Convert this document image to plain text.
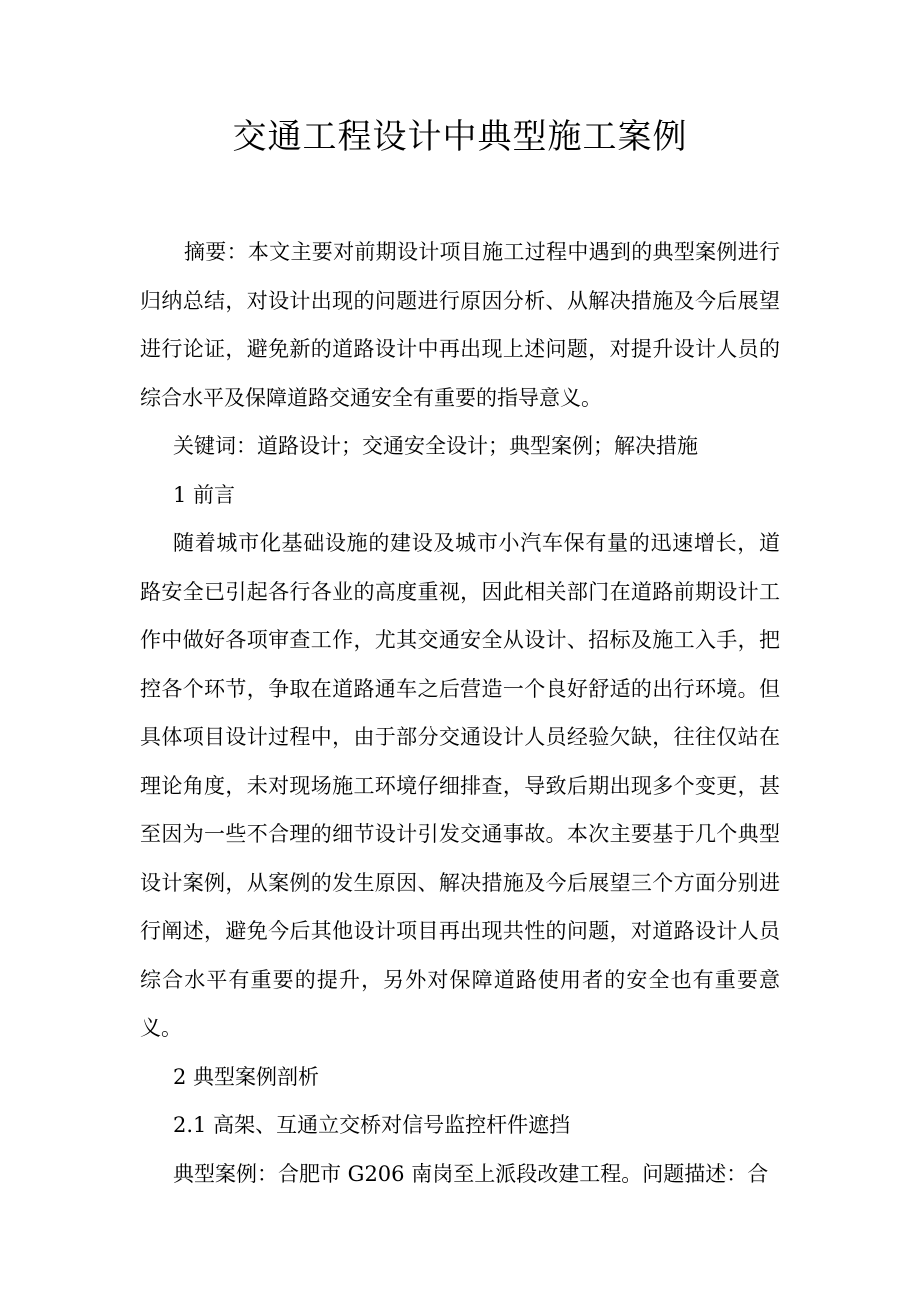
交通工程设计中典型施工案例

摘要：本文主要对前期设计项目施工过程中遇到的典型案例进行归纳总结，对设计出现的问题进行原因分析、从解决措施及今后展望进行论证，避免新的道路设计中再出现上述问题，对提升设计人员的综合水平及保障道路交通安全有重要的指导意义。

关键词：道路设计；交通安全设计；典型案例；解决措施

1 前言

随着城市化基础设施的建设及城市小汽车保有量的迅速增长，道路安全已引起各行各业的高度重视，因此相关部门在道路前期设计工作中做好各项审查工作，尤其交通安全从设计、招标及施工入手，把控各个环节，争取在道路通车之后营造一个良好舒适的出行环境。但具体项目设计过程中，由于部分交通设计人员经验欠缺，往往仅站在理论角度，未对现场施工环境仔细排查，导致后期出现多个变更，甚至因为一些不合理的细节设计引发交通事故。本次主要基于几个典型设计案例，从案例的发生原因、解决措施及今后展望三个方面分别进行阐述，避免今后其他设计项目再出现共性的问题，对道路设计人员综合水平有重要的提升，另外对保障道路使用者的安全也有重要意义。

2 典型案例剖析

2.1 高架、互通立交桥对信号监控杆件遮挡

典型案例：合肥市 G206 南岗至上派段改建工程。问题描述：合
